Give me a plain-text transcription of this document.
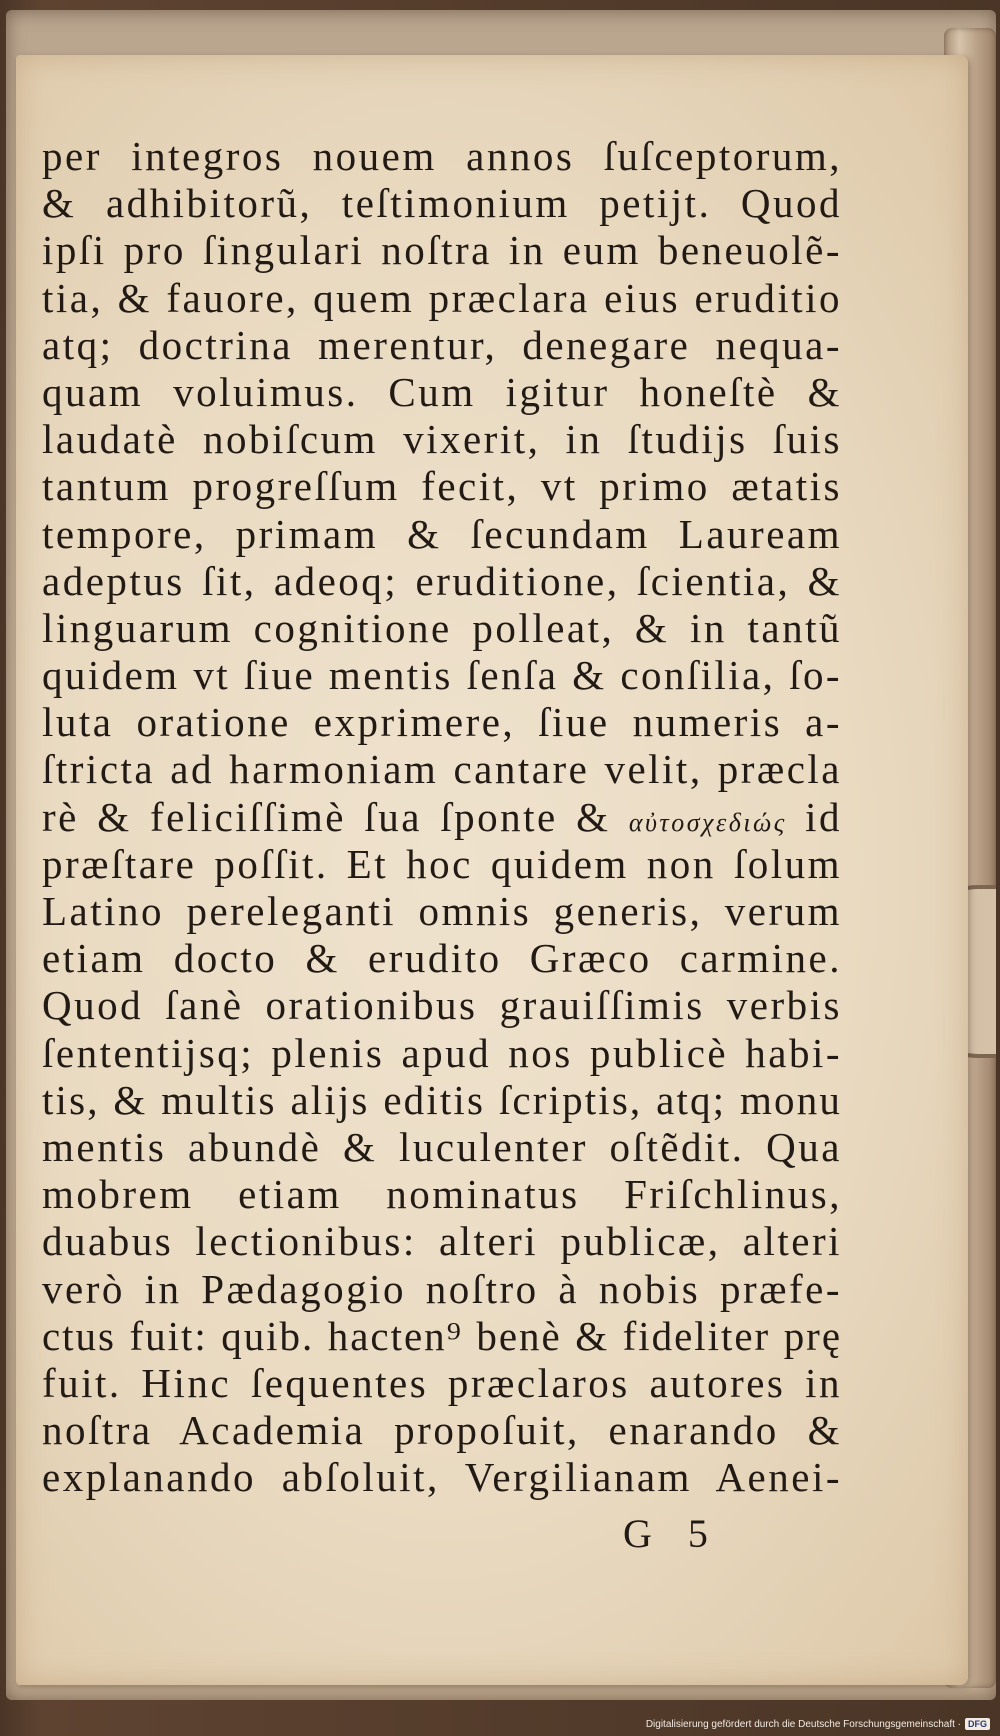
per integros nouem annos ſuſceptorum,
& adhibitorũ, teſtimonium petijt. Quod
ipſi pro ſingulari noſtra in eum beneuolẽ-
tia, & fauore, quem præclara eius eruditio
atq; doctrina merentur, denegare nequa-
quam voluimus. Cum igitur honeſtè &
laudatè nobiſcum vixerit, in ſtudijs ſuis
tantum progreſſum fecit, vt primo ætatis
tempore, primam & ſecundam Lauream
adeptus ſit, adeoq; eruditione, ſcientia, &
linguarum cognitione polleat, & in tantũ
quidem vt ſiue mentis ſenſa & conſilia, ſo-
luta oratione exprimere, ſiue numeris a-
ſtricta ad harmoniam cantare velit, præcla
rè & feliciſſimè ſua ſponte & αὐτοσχεδιώς id
præſtare poſſit. Et hoc quidem non ſolum
Latino pereleganti omnis generis, verum
etiam docto & erudito Græco carmine.
Quod ſanè orationibus grauiſſimis verbis
ſententijsq; plenis apud nos publicè habi-
tis, & multis alijs editis ſcriptis, atq; monu
mentis abundè & luculenter oſtẽdit. Qua
mobrem etiam nominatus Friſchlinus,
duabus lectionibus: alteri publicæ, alteri
verò in Pædagogio noſtro à nobis præfe-
ctus fuit: quib. hacten⁹ benè & fideliter prę
fuit. Hinc ſequentes præclaros autores in
noſtra Academia propoſuit, enarando &
explanando abſoluit, Vergilianam Aenei-
G 5
Digitalisierung gefördert durch die Deutsche Forschungsgemeinschaft · DFG
